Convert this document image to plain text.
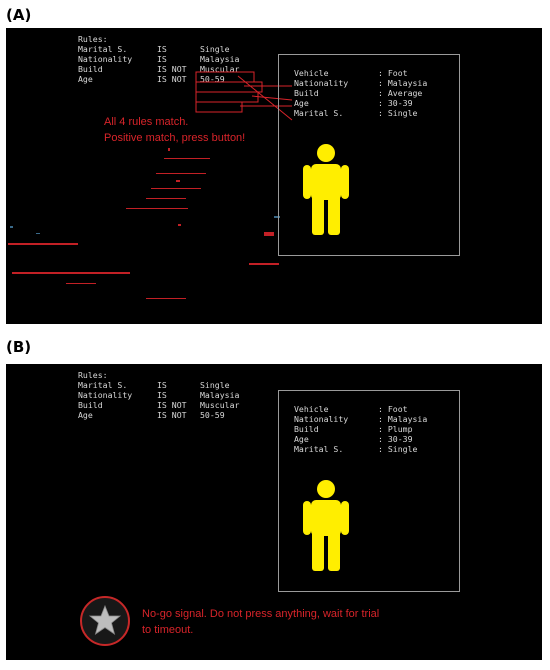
(A)
Rules:
Marital S.	IS	Single
Nationality	IS	Malaysia
Build	IS NOT	Muscular
Age	IS NOT	50-59
All 4 rules match.
Positive match, press button!
Vehicle	: Foot
Nationality	: Malaysia
Build	: Average
Age	: 30-39
Marital S.	: Single
(B)
Rules:
Marital S.	IS	Single
Nationality	IS	Malaysia
Build	IS NOT	Muscular
Age	IS NOT	50-59
Vehicle	: Foot
Nationality	: Malaysia
Build	: Plump
Age	: 30-39
Marital S.	: Single
No-go signal. Do not press anything, wait for trial
to timeout.
